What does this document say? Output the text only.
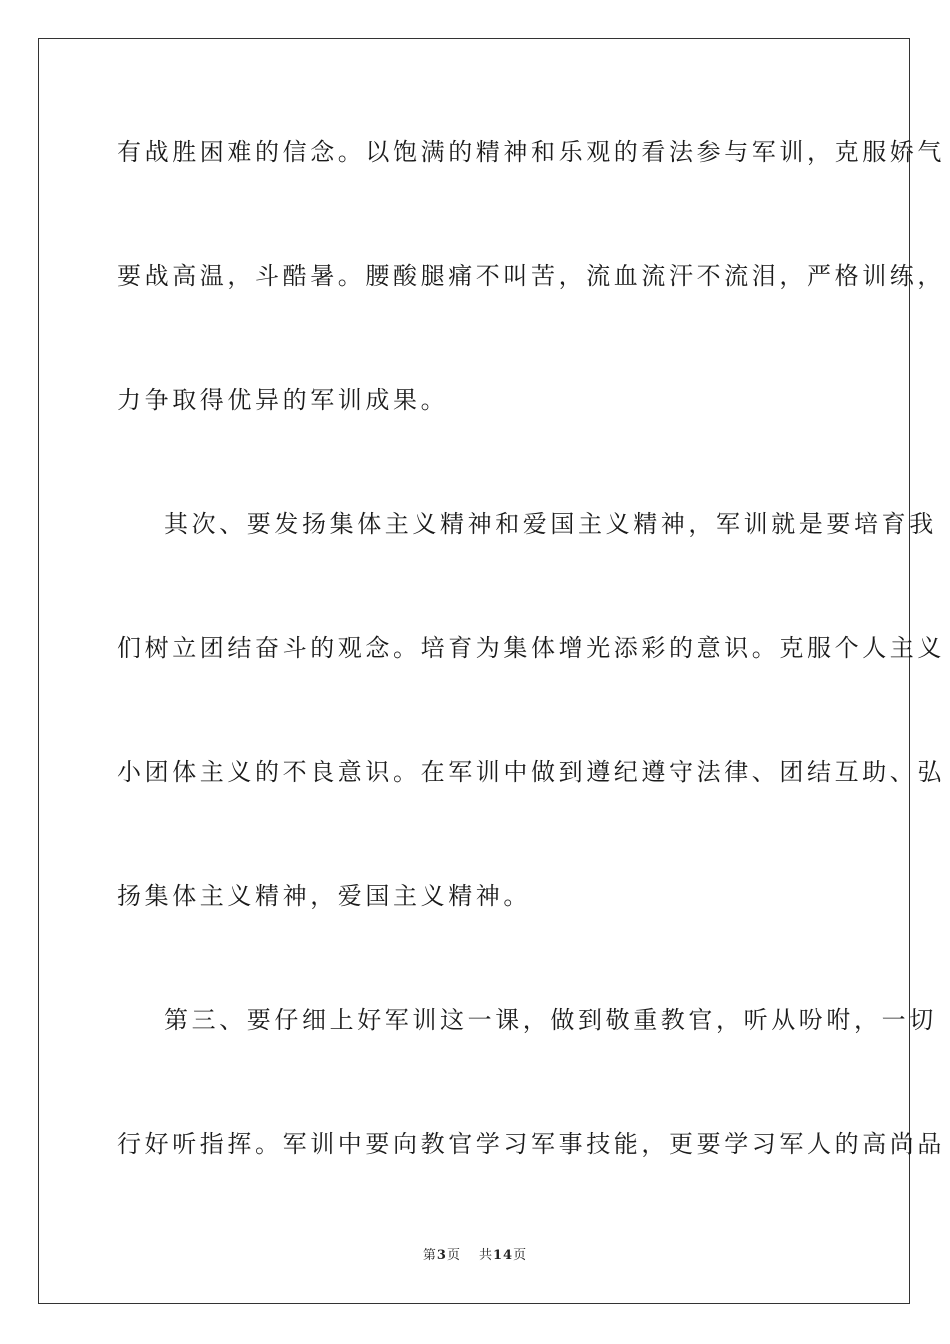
有战胜困难的信念。以饱满的精神和乐观的看法参与军训，克服娇气
要战高温，斗酷暑。腰酸腿痛不叫苦，流血流汗不流泪，严格训练，
力争取得优异的军训成果。
其次、要发扬集体主义精神和爱国主义精神，军训就是要培育我
们树立团结奋斗的观念。培育为集体增光添彩的意识。克服个人主义
小团体主义的不良意识。在军训中做到遵纪遵守法律、团结互助、弘
扬集体主义精神，爱国主义精神。
第三、要仔细上好军训这一课，做到敬重教官，听从吩咐，一切
行好听指挥。军训中要向教官学习军事技能，更要学习军人的高尚品
第3页 共14页
